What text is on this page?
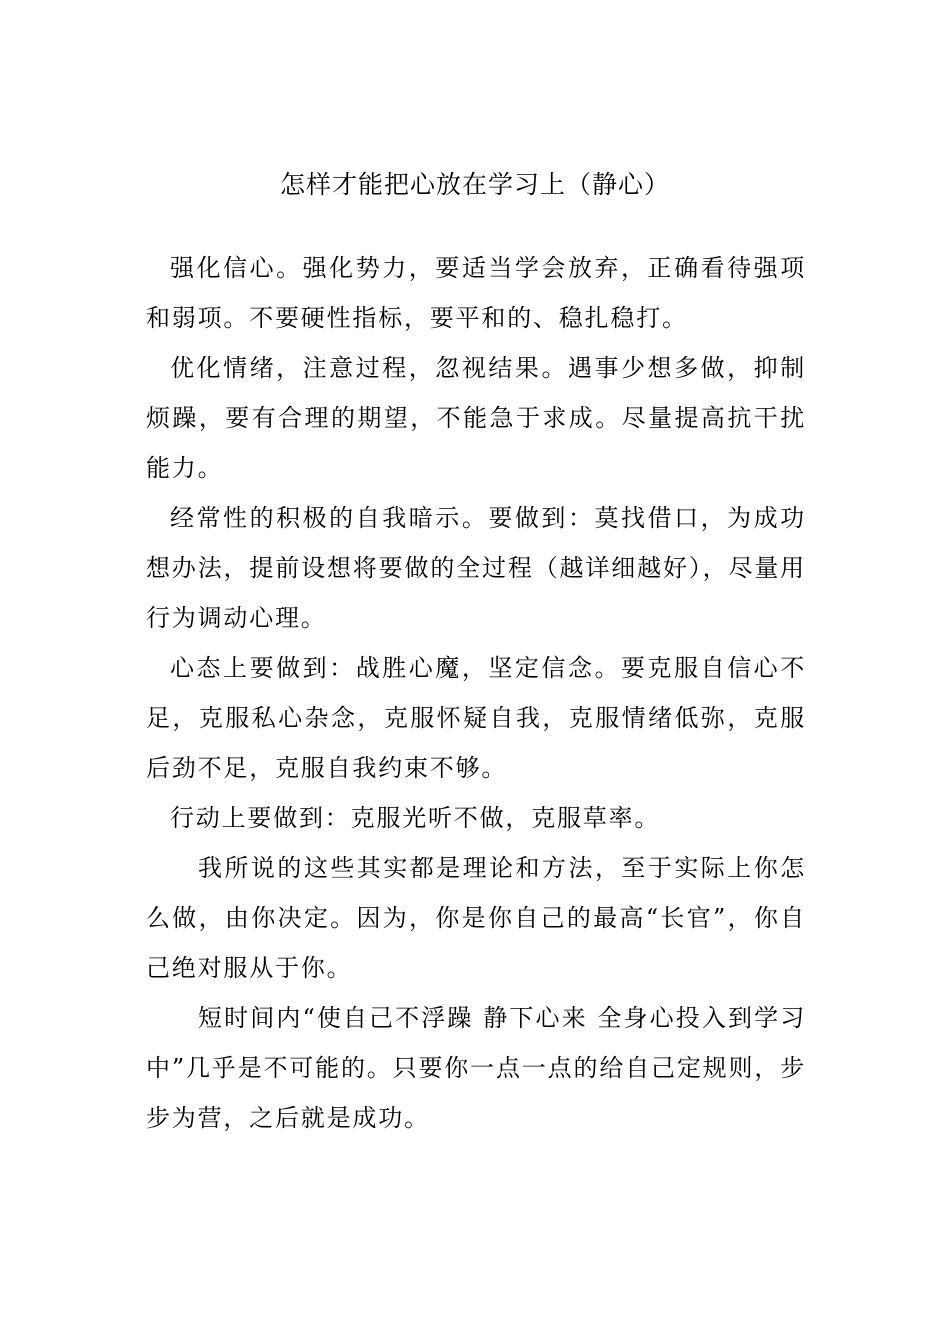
怎样才能把心放在学习上（静心）

强化信心。强化势力，要适当学会放弃，正确看待强项和弱项。不要硬性指标，要平和的、稳扎稳打。

优化情绪，注意过程，忽视结果。遇事少想多做，抑制烦躁，要有合理的期望，不能急于求成。尽量提高抗干扰能力。

经常性的积极的自我暗示。要做到：莫找借口，为成功想办法，提前设想将要做的全过程（越详细越好），尽量用行为调动心理。

心态上要做到：战胜心魔，坚定信念。要克服自信心不足，克服私心杂念，克服怀疑自我，克服情绪低弥，克服后劲不足，克服自我约束不够。

行动上要做到：克服光听不做，克服草率。

我所说的这些其实都是理论和方法，至于实际上你怎么做，由你决定。因为，你是你自己的最高“长官”，你自己绝对服从于你。

短时间内“使自己不浮躁 静下心来 全身心投入到学习中”几乎是不可能的。只要你一点一点的给自己定规则，步步为营，之后就是成功。
